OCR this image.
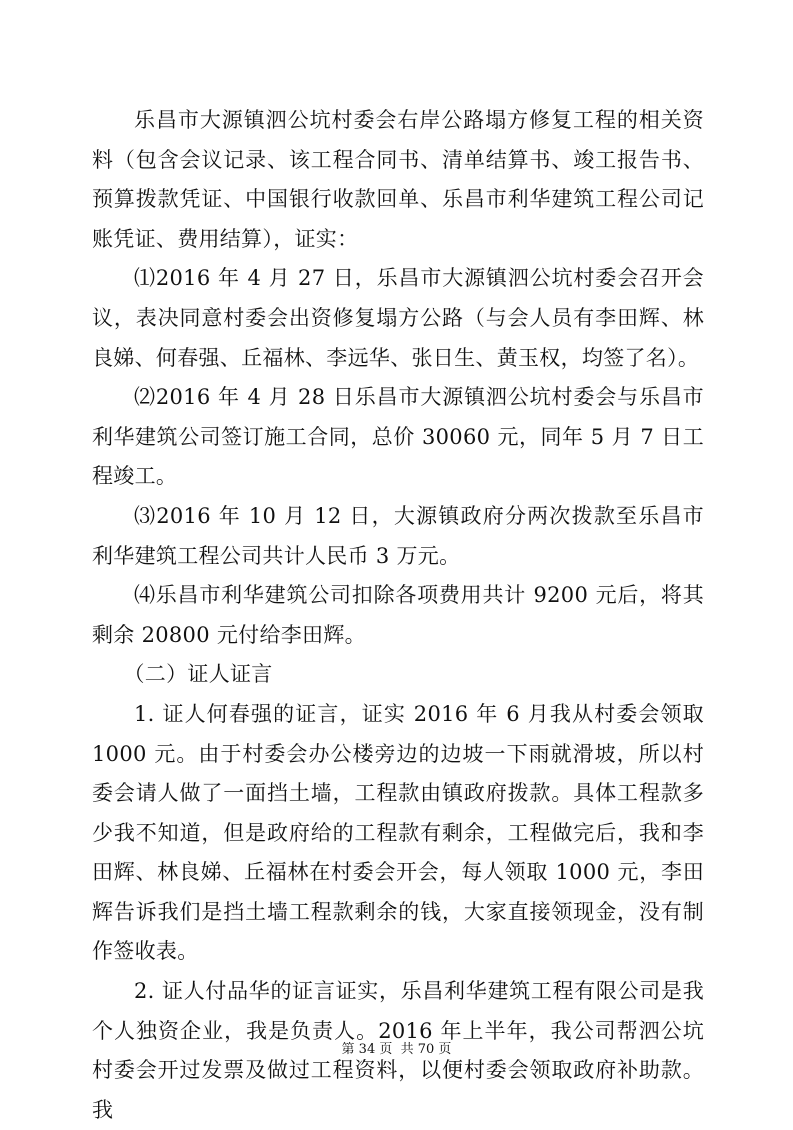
乐昌市大源镇泗公坑村委会右岸公路塌方修复工程的相关资料（包含会议记录、该工程合同书、清单结算书、竣工报告书、预算拨款凭证、中国银行收款回单、乐昌市利华建筑工程公司记账凭证、费用结算），证实：

⑴2016 年 4 月 27 日，乐昌市大源镇泗公坑村委会召开会议，表决同意村委会出资修复塌方公路（与会人员有李田辉、林良娣、何春强、丘福林、李远华、张日生、黄玉权，均签了名）。

⑵2016 年 4 月 28 日乐昌市大源镇泗公坑村委会与乐昌市利华建筑公司签订施工合同，总价 30060 元，同年 5 月 7 日工程竣工。

⑶2016 年 10 月 12 日，大源镇政府分两次拨款至乐昌市利华建筑工程公司共计人民币 3 万元。

⑷乐昌市利华建筑公司扣除各项费用共计 9200 元后，将其剩余 20800 元付给李田辉。

（二）证人证言

1. 证人何春强的证言，证实 2016 年 6 月我从村委会领取 1000 元。由于村委会办公楼旁边的边坡一下雨就滑坡，所以村委会请人做了一面挡土墙，工程款由镇政府拨款。具体工程款多少我不知道，但是政府给的工程款有剩余，工程做完后，我和李田辉、林良娣、丘福林在村委会开会，每人领取 1000 元，李田辉告诉我们是挡土墙工程款剩余的钱，大家直接领现金，没有制作签收表。

2. 证人付品华的证言证实，乐昌利华建筑工程有限公司是我个人独资企业，我是负责人。2016 年上半年，我公司帮泗公坑村委会开过发票及做过工程资料，以便村委会领取政府补助款。我

第 34 页  共 70 页
